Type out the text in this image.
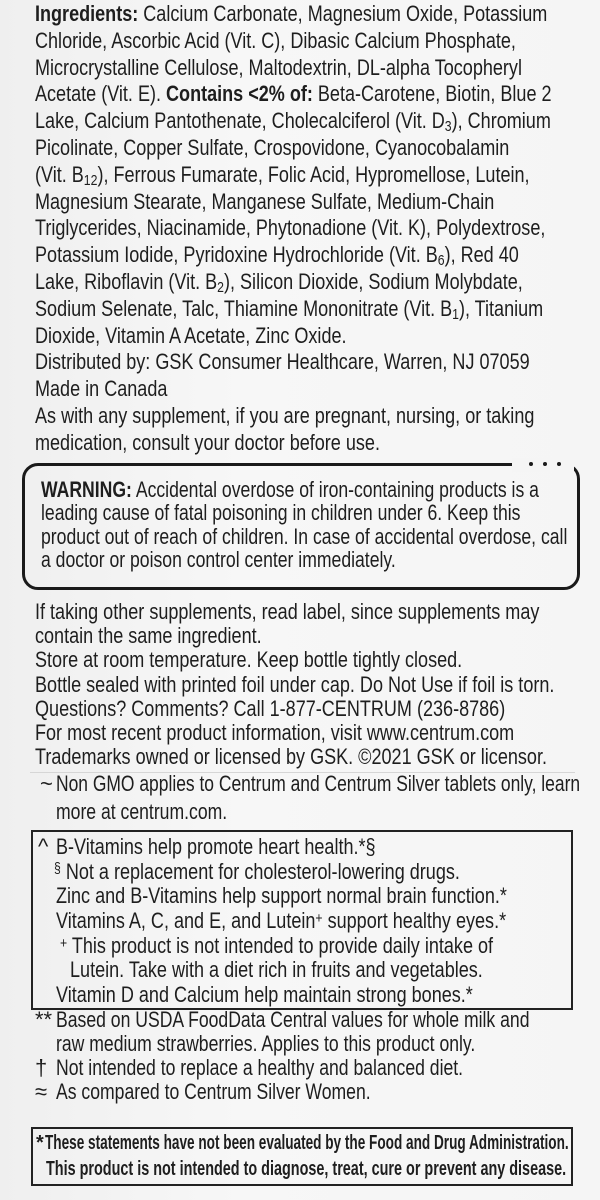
Ingredients: Calcium Carbonate, Magnesium Oxide, Potassium
Chloride, Ascorbic Acid (Vit. C), Dibasic Calcium Phosphate,
Microcrystalline Cellulose, Maltodextrin, DL-alpha Tocopheryl
Acetate (Vit. E). Contains <2% of: Beta-Carotene, Biotin, Blue 2
Lake, Calcium Pantothenate, Cholecalciferol (Vit. D3), Chromium
Picolinate, Copper Sulfate, Crospovidone, Cyanocobalamin
(Vit. B12), Ferrous Fumarate, Folic Acid, Hypromellose, Lutein,
Magnesium Stearate, Manganese Sulfate, Medium-Chain
Triglycerides, Niacinamide, Phytonadione (Vit. K), Polydextrose,
Potassium Iodide, Pyridoxine Hydrochloride (Vit. B6), Red 40
Lake, Riboflavin (Vit. B2), Silicon Dioxide, Sodium Molybdate,
Sodium Selenate, Talc, Thiamine Mononitrate (Vit. B1), Titanium
Dioxide, Vitamin A Acetate, Zinc Oxide.
Distributed by: GSK Consumer Healthcare, Warren, NJ 07059
Made in Canada
As with any supplement, if you are pregnant, nursing, or taking
medication, consult your doctor before use.
WARNING: Accidental overdose of iron-containing products is a
leading cause of fatal poisoning in children under 6. Keep this
product out of reach of children. In case of accidental overdose, call
a doctor or poison control center immediately.
If taking other supplements, read label, since supplements may
contain the same ingredient.
Store at room temperature. Keep bottle tightly closed.
Bottle sealed with printed foil under cap. Do Not Use if foil is torn.
Questions? Comments? Call 1-877-CENTRUM (236-8786)
For most recent product information, visit www.centrum.com
Trademarks owned or licensed by GSK. ©2021 GSK or licensor.
~ Non GMO applies to Centrum and Centrum Silver tablets only, learn
more at centrum.com.
^ B-Vitamins help promote heart health.*§
§ Not a replacement for cholesterol-lowering drugs.
Zinc and B-Vitamins help support normal brain function.*
Vitamins A, C, and E, and Lutein+ support healthy eyes.*
+ This product is not intended to provide daily intake of
Lutein. Take with a diet rich in fruits and vegetables.
Vitamin D and Calcium help maintain strong bones.*
** Based on USDA FoodData Central values for whole milk and
raw medium strawberries. Applies to this product only.
† Not intended to replace a healthy and balanced diet.
≈ As compared to Centrum Silver Women.
* These statements have not been evaluated by the Food and Drug Administration.
This product is not intended to diagnose, treat, cure or prevent any disease.
